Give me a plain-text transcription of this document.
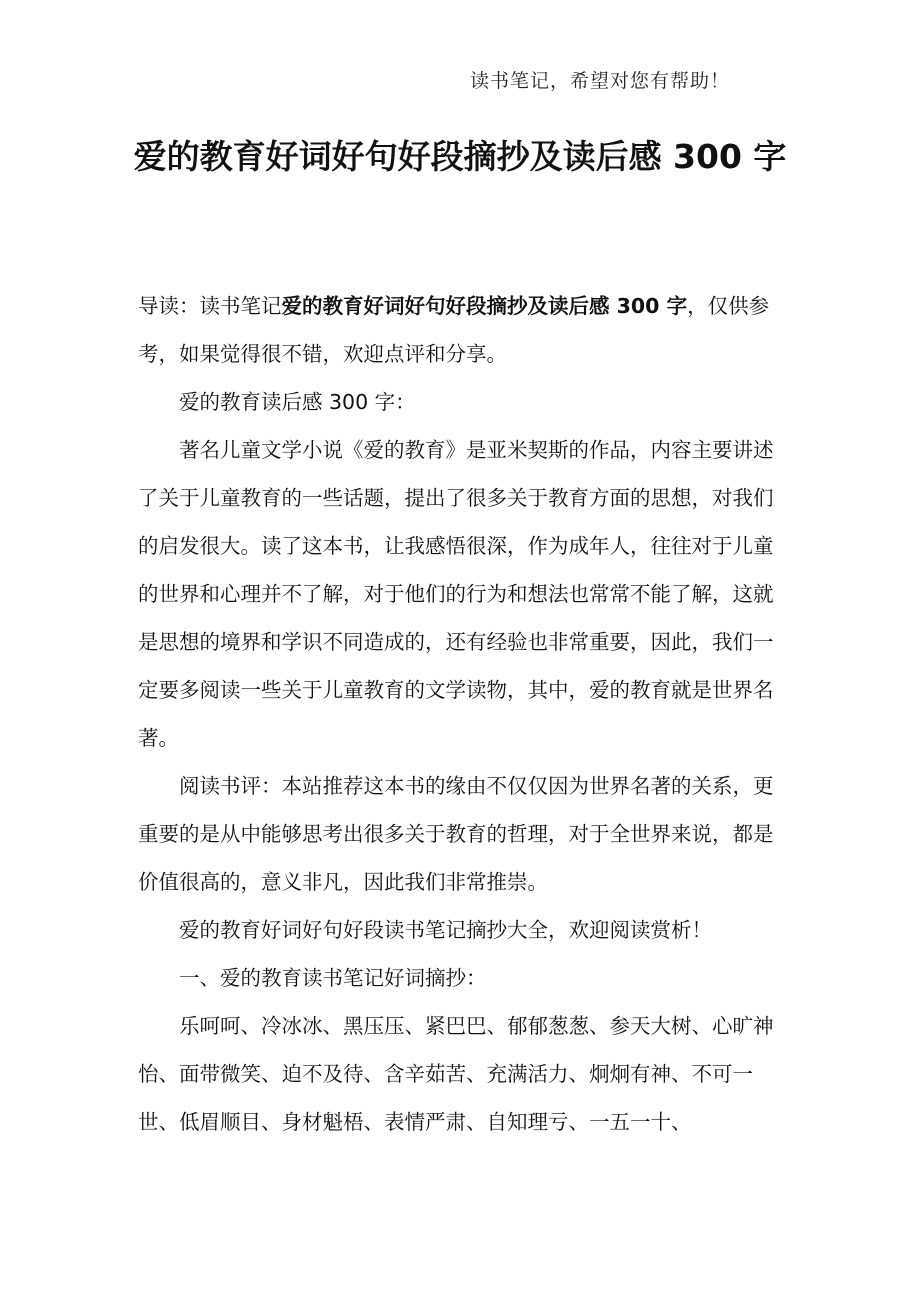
读书笔记，希望对您有帮助！
爱的教育好词好句好段摘抄及读后感 300 字

导读：读书笔记爱的教育好词好句好段摘抄及读后感 300 字，仅供参考，如果觉得很不错，欢迎点评和分享。

爱的教育读后感 300 字：

著名儿童文学小说《爱的教育》是亚米契斯的作品，内容主要讲述了关于儿童教育的一些话题，提出了很多关于教育方面的思想，对我们的启发很大。读了这本书，让我感悟很深，作为成年人，往往对于儿童的世界和心理并不了解，对于他们的行为和想法也常常不能了解，这就是思想的境界和学识不同造成的，还有经验也非常重要，因此，我们一定要多阅读一些关于儿童教育的文学读物，其中，爱的教育就是世界名著。

阅读书评：本站推荐这本书的缘由不仅仅因为世界名著的关系，更重要的是从中能够思考出很多关于教育的哲理，对于全世界来说，都是价值很高的，意义非凡，因此我们非常推崇。

爱的教育好词好句好段读书笔记摘抄大全，欢迎阅读赏析！

一、爱的教育读书笔记好词摘抄：

乐呵呵、冷冰冰、黑压压、紧巴巴、郁郁葱葱、参天大树、心旷神怡、面带微笑、迫不及待、含辛茹苦、充满活力、炯炯有神、不可一世、低眉顺目、身材魁梧、表情严肃、自知理亏、一五一十、
